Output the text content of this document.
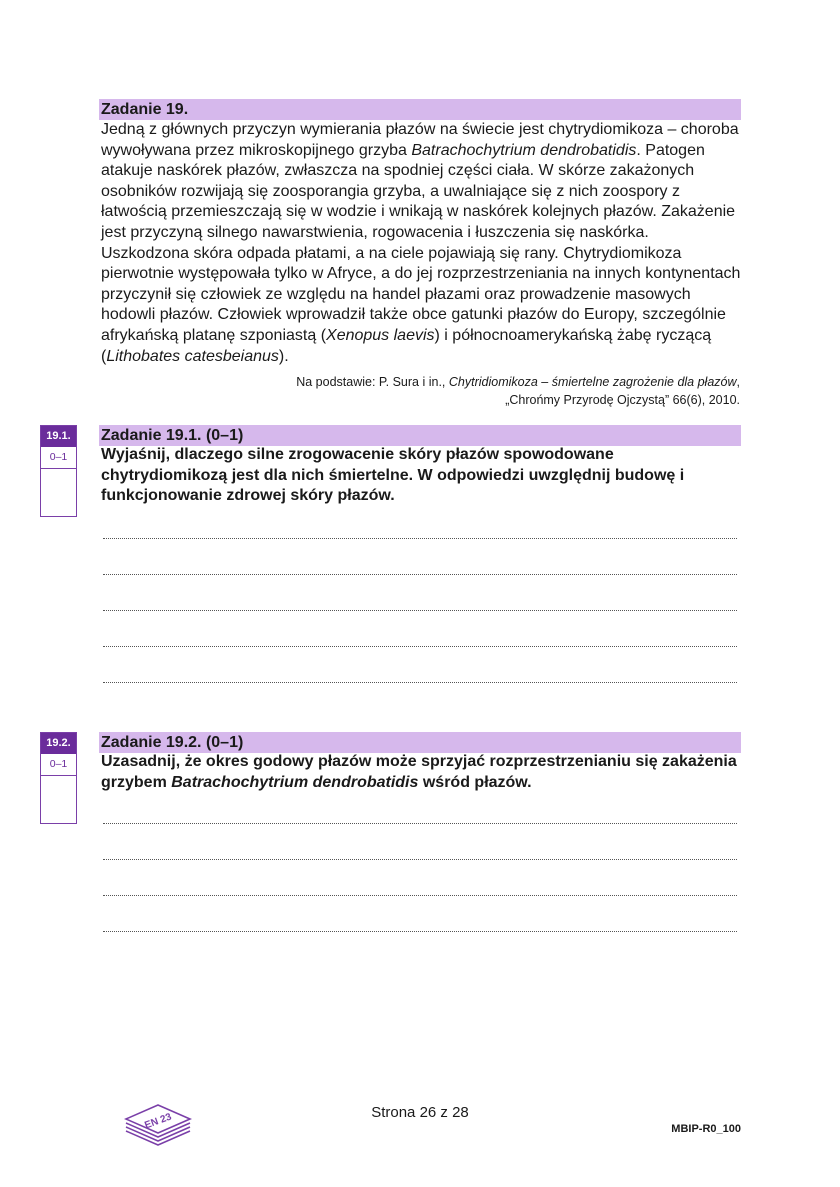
Zadanie 19.
Jedną z głównych przyczyn wymierania płazów na świecie jest chytrydiomikoza – choroba wywoływana przez mikroskopijnego grzyba Batrachochytrium dendrobatidis. Patogen atakuje naskórek płazów, zwłaszcza na spodniej części ciała. W skórze zakażonych osobników rozwijają się zoosporangia grzyba, a uwalniające się z nich zoospory z łatwością przemieszczają się w wodzie i wnikają w naskórek kolejnych płazów. Zakażenie jest przyczyną silnego nawarstwienia, rogowacenia i łuszczenia się naskórka. Uszkodzona skóra odpada płatami, a na ciele pojawiają się rany. Chytrydiomikoza pierwotnie występowała tylko w Afryce, a do jej rozprzestrzeniania na innych kontynentach przyczynił się człowiek ze względu na handel płazami oraz prowadzenie masowych hodowli płazów. Człowiek wprowadził także obce gatunki płazów do Europy, szczególnie afrykańską platanę szponiastą (Xenopus laevis) i północnoamerykańską żabę ryczącą (Lithobates catesbeianus).
Na podstawie: P. Sura i in., Chytridiomikoza – śmiertelne zagrożenie dla płazów,
„Chrońmy Przyrodę Ojczystą” 66(6), 2010.
19.1.
0–1
Zadanie 19.1. (0–1)
Wyjaśnij, dlaczego silne zrogowacenie skóry płazów spowodowane chytrydiomikozą jest dla nich śmiertelne. W odpowiedzi uwzględnij budowę i funkcjonowanie zdrowej skóry płazów.
19.2.
0–1
Zadanie 19.2. (0–1)
Uzasadnij, że okres godowy płazów może sprzyjać rozprzestrzenianiu się zakażenia grzybem Batrachochytrium dendrobatidis wśród płazów.
EN 23	Strona 26 z 28
MBIP-R0_100
